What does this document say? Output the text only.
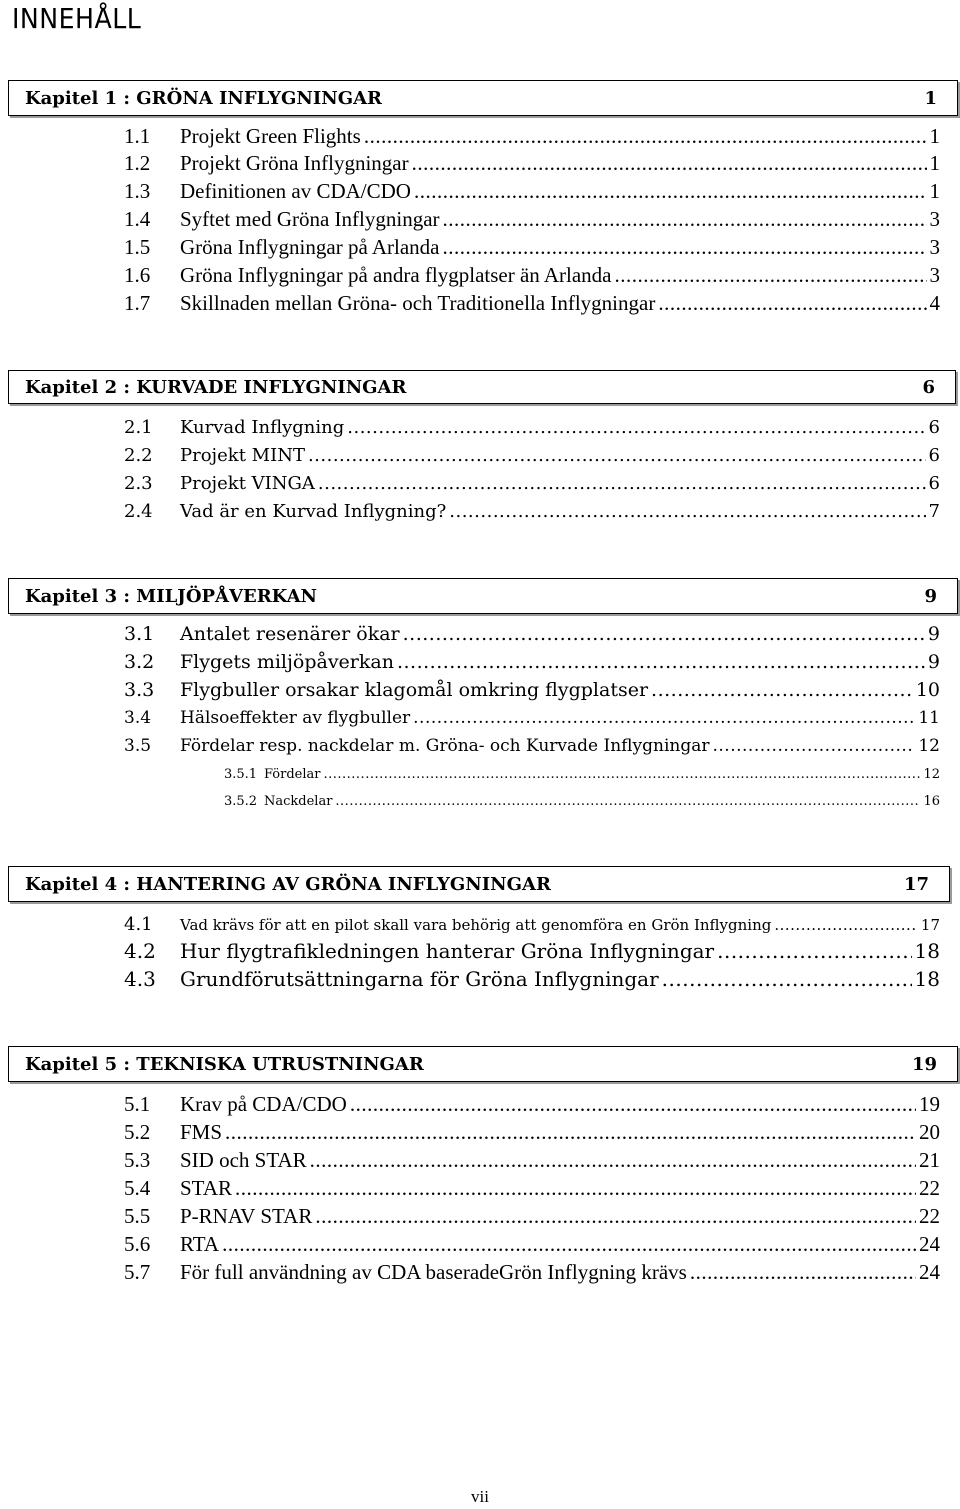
INNEHÅLL
Kapitel 1 : GRÖNA INFLYGNINGAR	1
1.1	Projekt Green Flights .....	1
1.2	Projekt Gröna Inflygningar .....	1
1.3	Definitionen av CDA/CDO .....	1
1.4	Syftet med Gröna Inflygningar .....	3
1.5	Gröna Inflygningar på Arlanda .....	3
1.6	Gröna Inflygningar på andra flygplatser än Arlanda .....	3
1.7	Skillnaden mellan Gröna- och Traditionella Inflygningar .....	4
Kapitel 2 : KURVADE INFLYGNINGAR	6
2.1	Kurvad Inflygning .....	6
2.2	Projekt MINT .....	6
2.3	Projekt VINGA .....	6
2.4	Vad är en Kurvad Inflygning? .....	7
Kapitel 3 : MILJÖPÅVERKAN	9
3.1	Antalet resenärer ökar .....	9
3.2	Flygets miljöpåverkan .....	9
3.3	Flygbuller orsakar klagomål omkring flygplatser .....	10
3.4	Hälsoeffekter av flygbuller .....	11
3.5	Fördelar resp. nackdelar m. Gröna- och Kurvade Inflygningar .....	12
3.5.1 Fördelar .....	12
3.5.2 Nackdelar .....	16
Kapitel 4 : HANTERING AV GRÖNA INFLYGNINGAR	17
4.1	Vad krävs för att en pilot skall vara behörig att genomföra en Grön Inflygning .....	17
4.2	Hur flygtrafikledningen hanterar Gröna Inflygningar .....	18
4.3	Grundförutsättningarna för Gröna Inflygningar .....	18
Kapitel 5 : TEKNISKA UTRUSTNINGAR	19
5.1	Krav på CDA/CDO .....	19
5.2	FMS .....	20
5.3	SID och STAR .....	21
5.4	STAR .....	22
5.5	P-RNAV STAR .....	22
5.6	RTA .....	24
5.7	För full användning av CDA baseradeGrön Inflygning krävs .....	24
vii
